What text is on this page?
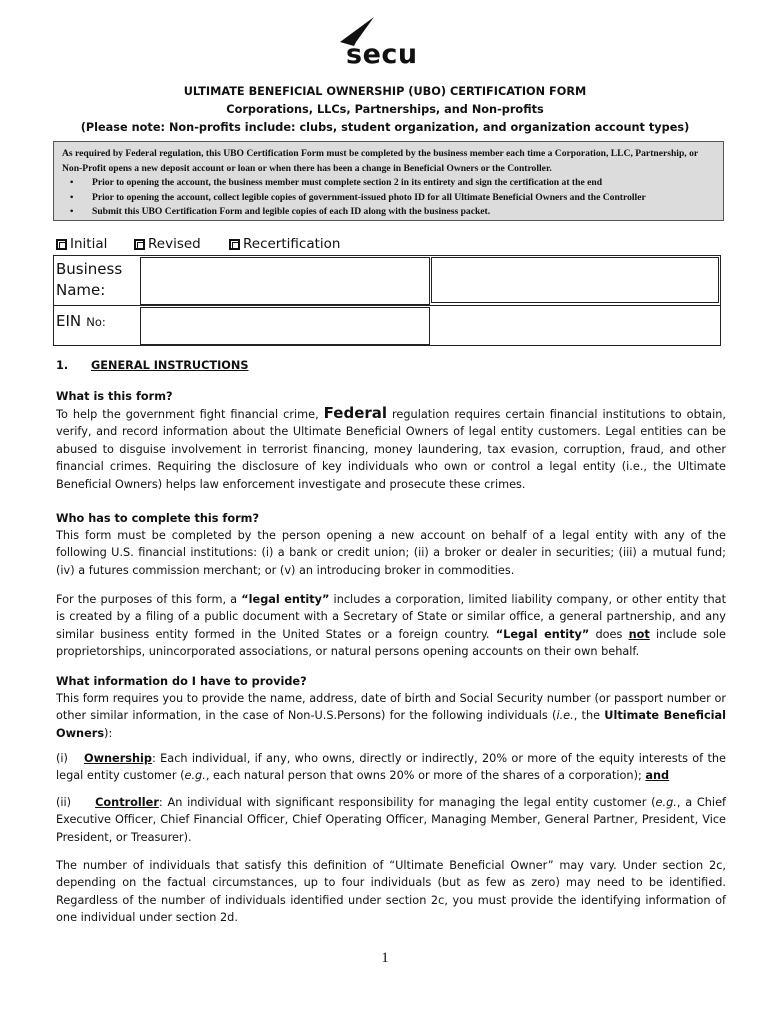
secu
ULTIMATE BENEFICIAL OWNERSHIP (UBO) CERTIFICATION FORM
Corporations, LLCs, Partnerships, and Non-profits
(Please note: Non-profits include: clubs, student organization, and organization account types)
As required by Federal regulation, this UBO Certification Form must be completed by the business member each time a Corporation, LLC, Partnership, or Non-Profit opens a new deposit account or loan or when there has been a change in Beneficial Owners or the Controller.
• Prior to opening the account, the business member must complete section 2 in its entirety and sign the certification at the end
• Prior to opening the account, collect legible copies of government-issued photo ID for all Ultimate Beneficial Owners and the Controller
• Submit this UBO Certification Form and legible copies of each ID along with the business packet.
Initial	Revised	Recertification
Business
Name:
EIN No:
1. GENERAL INSTRUCTIONS
What is this form?

To help the government fight financial crime, Federal regulation requires certain financial institutions to obtain, verify, and record information about the Ultimate Beneficial Owners of legal entity customers. Legal entities can be abused to disguise involvement in terrorist financing, money laundering, tax evasion, corruption, fraud, and other financial crimes. Requiring the disclosure of key individuals who own or control a legal entity (i.e., the Ultimate Beneficial Owners) helps law enforcement investigate and prosecute these crimes.

Who has to complete this form?
This form must be completed by the person opening a new account on behalf of a legal entity with any of the following U.S. financial institutions: (i) a bank or credit union; (ii) a broker or dealer in securities; (iii) a mutual fund; (iv) a futures commission merchant; or (v) an introducing broker in commodities.

For the purposes of this form, a “legal entity” includes a corporation, limited liability company, or other entity that is created by a filing of a public document with a Secretary of State or similar office, a general partnership, and any similar business entity formed in the United States or a foreign country. “Legal entity” does not include sole proprietorships, unincorporated associations, or natural persons opening accounts on their own behalf.

What information do I have to provide?

This form requires you to provide the name, address, date of birth and Social Security number (or passport number or other similar information, in the case of Non-U.S.Persons) for the following individuals (i.e., the Ultimate Beneficial Owners):

(i) Ownership: Each individual, if any, who owns, directly or indirectly, 20% or more of the equity interests of the legal entity customer (e.g., each natural person that owns 20% or more of the shares of a corporation); and

(ii) Controller: An individual with significant responsibility for managing the legal entity customer (e.g., a Chief Executive Officer, Chief Financial Officer, Chief Operating Officer, Managing Member, General Partner, President, Vice President, or Treasurer).

The number of individuals that satisfy this definition of “Ultimate Beneficial Owner” may vary. Under section 2c, depending on the factual circumstances, up to four individuals (but as few as zero) may need to be identified. Regardless of the number of individuals identified under section 2c, you must provide the identifying information of one individual under section 2d.
1
